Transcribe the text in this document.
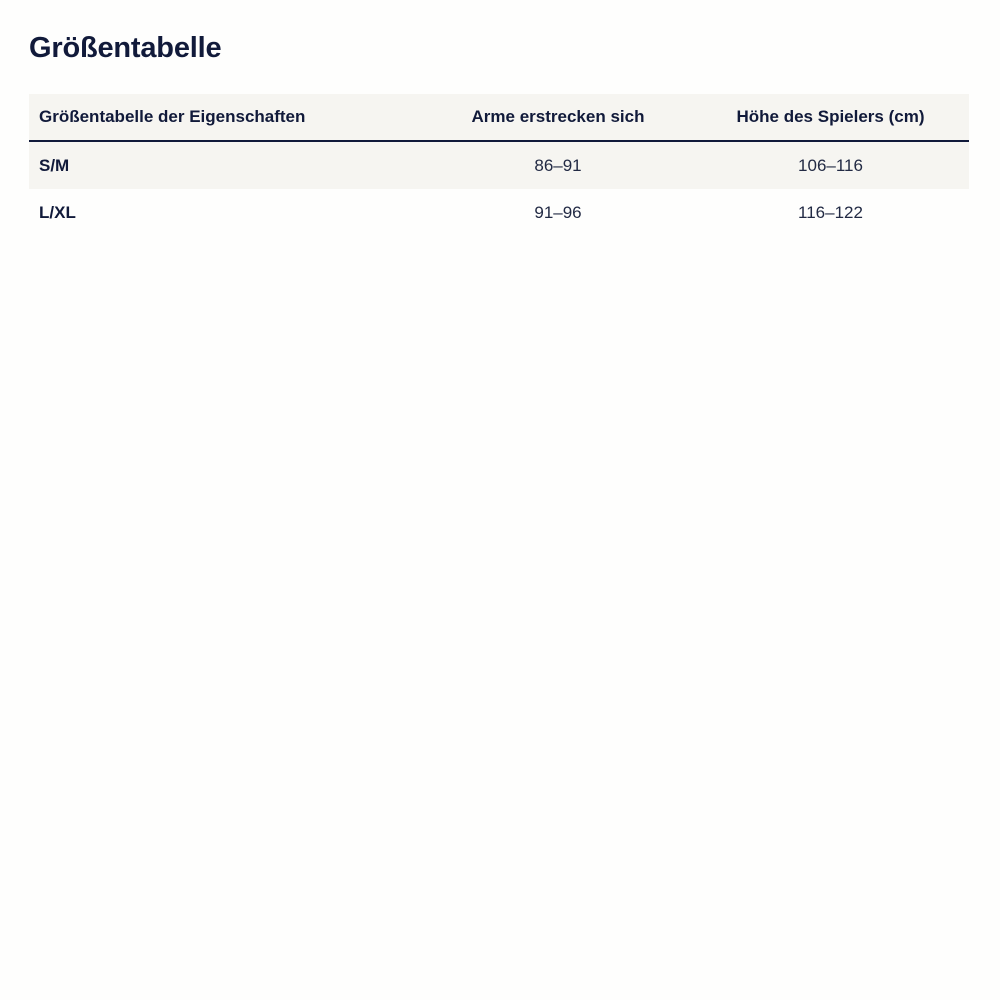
Größentabelle
Größentabelle der Eigenschaften	Arme erstrecken sich	Höhe des Spielers (cm)
S/M	86–91	106–116
L/XL	91–96	116–122
